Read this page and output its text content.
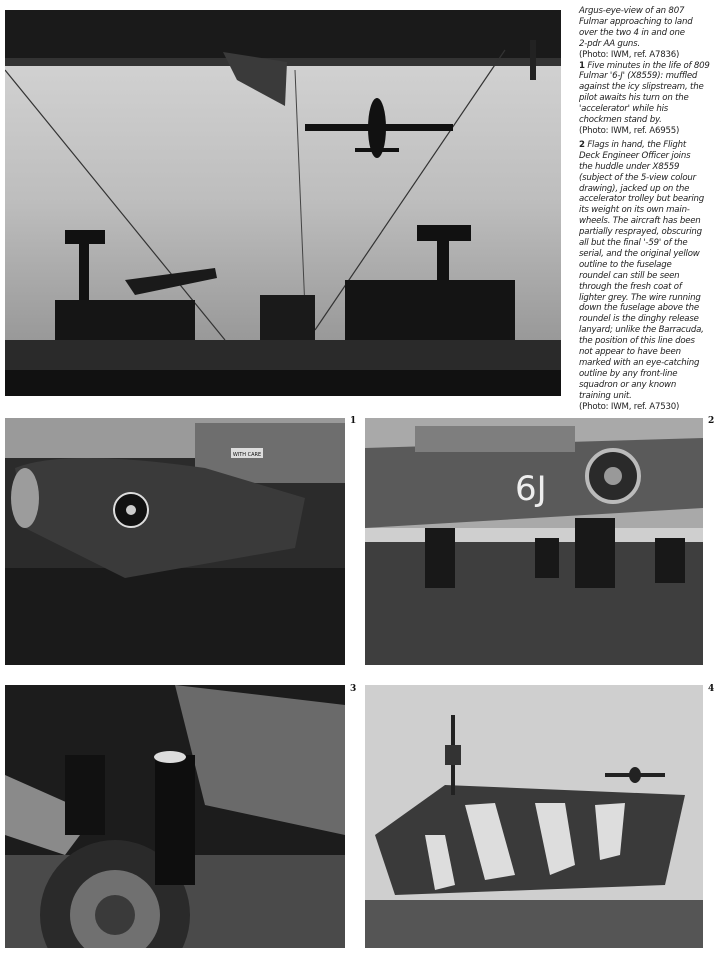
Argus-eye-view of an 807
Fulmar approaching to land
over the two 4 in and one
2-pdr AA guns.
(Photo: IWM, ref. A7836)
1 Five minutes in the life of 809
Fulmar '6-J' (X8559): muffled
against the icy slipstream, the
pilot awaits his turn on the
'accelerator' while his
chockmen stand by.
(Photo: IWM, ref. A6955)
2 Flags in hand, the Flight
Deck Engineer Officer joins
the huddle under X8559
(subject of the 5-view colour
drawing), jacked up on the
accelerator trolley but bearing
its weight on its own main-
wheels. The aircraft has been
partially resprayed, obscuring
all but the final '-59' of the
serial, and the original yellow
outline to the fuselage
roundel can still be seen
through the fresh coat of
lighter grey. The wire running
down the fuselage above the
roundel is the dinghy release
lanyard; unlike the Barracuda,
the position of this line does
not appear to have been
marked with an eye-catching
outline by any front-line
squadron or any known
training unit.
(Photo: IWM, ref. A7530)
WITH CARE
1
6J
2
3	4
